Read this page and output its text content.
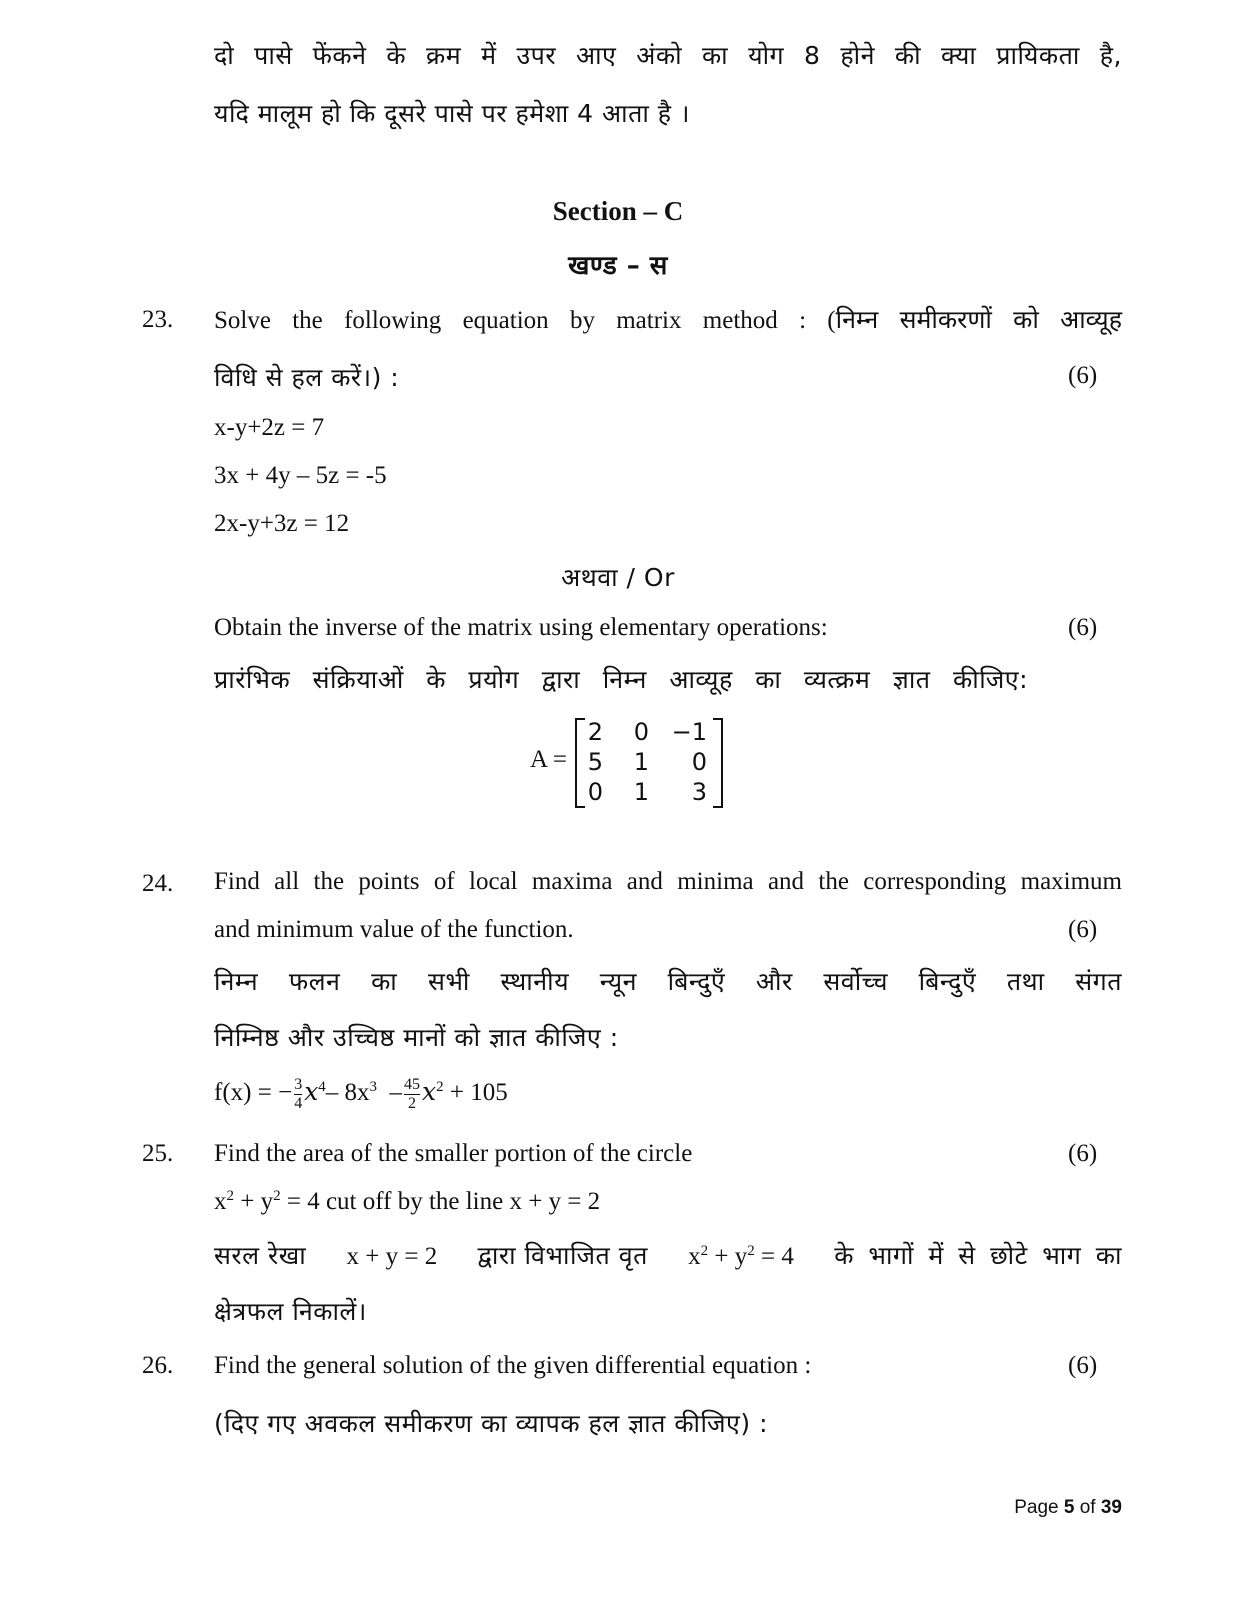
दो पासे फेंकने के क्रम में उपर आए अंको का योग 8 होने की क्या प्रायिकता है,
यदि मालूम हो कि दूसरे पासे पर हमेशा 4 आता है ।
Section – C
खण्ड – स
23. Solve the following equation by matrix method : (निम्न समीकरणों को आव्यूह
विधि से हल करें।) :	(6)
x-y+2z = 7
3x + 4y – 5z = -5
2x-y+3z = 12
अथवा / Or
Obtain the inverse of the matrix using elementary operations:	(6)
प्रारंभिक संक्रियाओं के प्रयोग द्वारा निम्न आव्यूह का व्यत्क्रम ज्ञात कीजिए:
A =
2	0 −1
5	1	0
0	1	3
24. Find all the points of local maxima and minima and the corresponding maximum
and minimum value of the function.	(6)
निम्न फलन का सभी स्थानीय न्यून बिन्दुएँ और सर्वोच्च बिन्दुएँ तथा संगत
निम्निष्ठ और उच्चिष्ठ मानों को ज्ञात कीजिए :
f(x) = − $\frac{3}{4} x^4-$ $8x^3 - \frac{45}{2} x^2 + 105$
25. Find the area of the smaller portion of the circle	(6)
$x^2 + y^2 = 4$ cut off by the line x + y = 2
सरल रेखा x + y = 2 द्वारा विभाजित वृत $x^2 + y^2 = 4$ के भागों में से छोटे भाग का
क्षेत्रफल निकालें।
26. Find the general solution of the given differential equation :	(6)
(दिए गए अवकल समीकरण का व्यापक हल ज्ञात कीजिए) :
Page 5 of 39
